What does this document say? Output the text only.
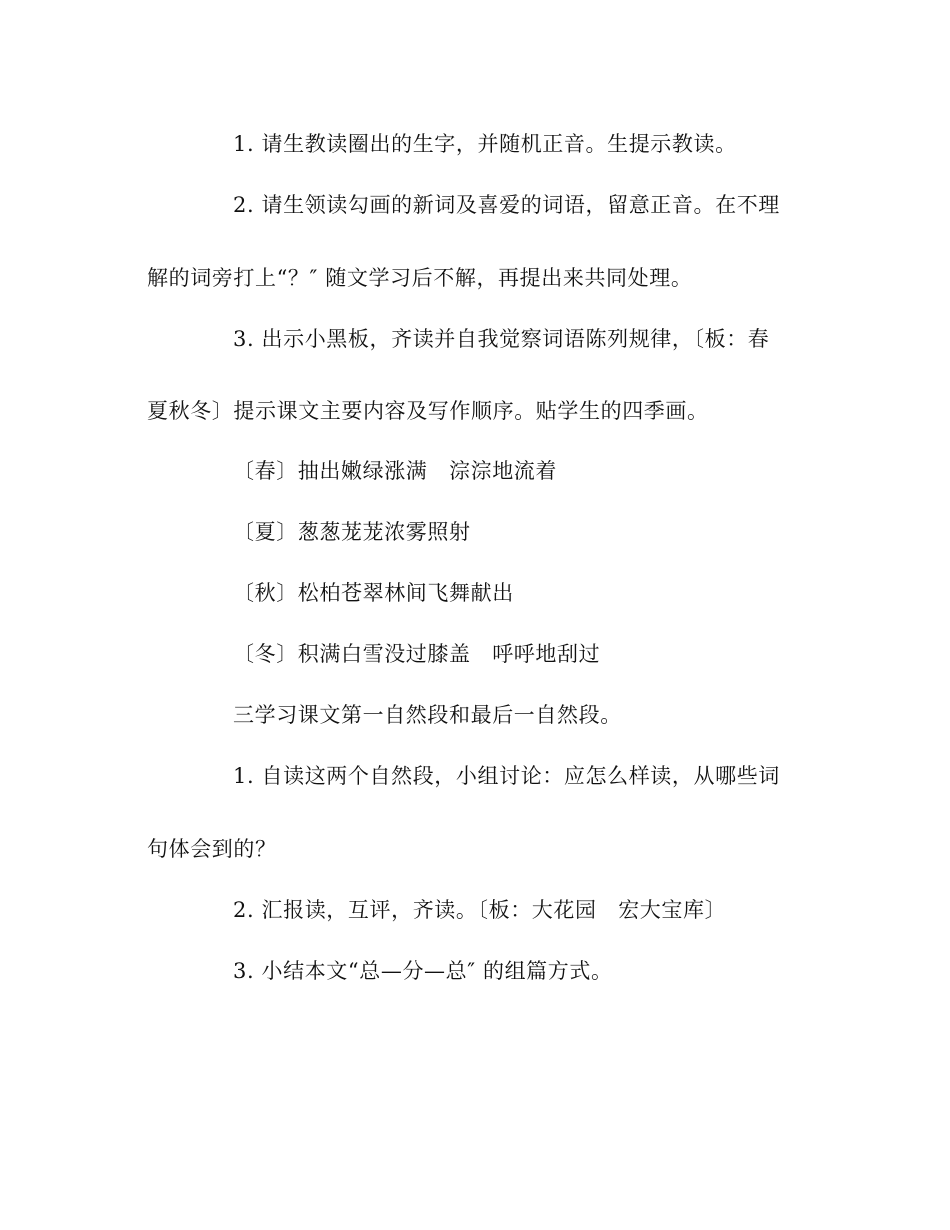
1. 请生教读圈出的生字，并随机正音。生提示教读。
2. 请生领读勾画的新词及喜爱的词语，留意正音。在不理
解的词旁打上“？″ 随文学习后不解，再提出来共同处理。
3. 出示小黑板，齐读并自我觉察词语陈列规律，〔板：春
夏秋冬〕提示课文主要内容及写作顺序。贴学生的四季画。
〔春〕抽出嫩绿涨满　淙淙地流着
〔夏〕葱葱茏茏浓雾照射
〔秋〕松柏苍翠林间飞舞献出
〔冬〕积满白雪没过膝盖　呼呼地刮过
三学习课文第一自然段和最后一自然段。
1. 自读这两个自然段，小组讨论：应怎么样读，从哪些词
句体会到的？
2. 汇报读，互评，齐读。〔板：大花园　宏大宝库〕
3. 小结本文“总—分—总″ 的组篇方式。
